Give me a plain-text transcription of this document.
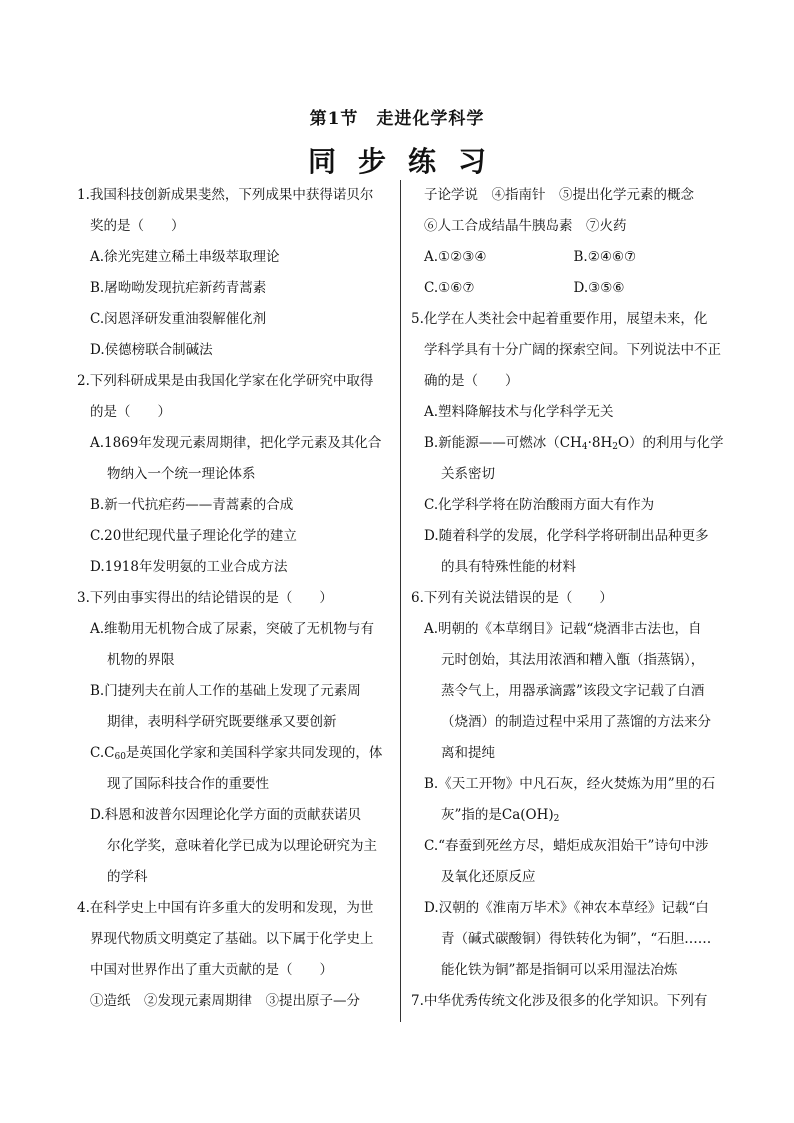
第1节 走进化学科学
同步练习
1.我国科技创新成果斐然，下列成果中获得诺贝尔
奖的是（　　）
A.徐光宪建立稀土串级萃取理论
B.屠呦呦发现抗疟新药青蒿素
C.闵恩泽研发重油裂解催化剂
D.侯德榜联合制碱法
2.下列科研成果是由我国化学家在化学研究中取得
的是（　　）
A.1869年发现元素周期律，把化学元素及其化合
物纳入一个统一理论体系
B.新一代抗疟药——青蒿素的合成
C.20世纪现代量子理论化学的建立
D.1918年发明氨的工业合成方法
3.下列由事实得出的结论错误的是（　　）
A.维勒用无机物合成了尿素，突破了无机物与有
机物的界限
B.门捷列夫在前人工作的基础上发现了元素周
期律，表明科学研究既要继承又要创新
$C.C_{60}$是英国化学家和美国科学家共同发现的，体
现了国际科技合作的重要性
D.科恩和波普尔因理论化学方面的贡献获诺贝
尔化学奖，意味着化学已成为以理论研究为主
的学科
4.在科学史上中国有许多重大的发明和发现，为世
界现代物质文明奠定了基础。以下属于化学史上
中国对世界作出了重大贡献的是（　　）
①造纸　②发现元素周期律　③提出原子—分
子论学说　④指南针　⑤提出化学元素的概念
⑥人工合成结晶牛胰岛素　⑦火药
A.①②③④	B.②④⑥⑦
C.①⑥⑦	D.③⑤⑥
5.化学在人类社会中起着重要作用，展望未来，化
学科学具有十分广阔的探索空间。下列说法中不正
确的是（　　）
A.塑料降解技术与化学科学无关
B.新能源——可燃冰$(CH_4\cdot 8H_2O)$的利用与化学
关系密切
C.化学科学将在防治酸雨方面大有作为
D.随着科学的发展，化学科学将研制出品种更多
的具有特殊性能的材料
6.下列有关说法错误的是（　　）
A.明朝的《本草纲目》记载“烧酒非古法也，自
元时创始，其法用浓酒和糟入甑（指蒸锅），
蒸令气上，用器承滴露”该段文字记载了白酒
（烧酒）的制造过程中采用了蒸馏的方法来分
离和提纯
B.《天工开物》中凡石灰，经火焚炼为用”里的石
灰”指的是$Ca(OH)_2$
C.“春蚕到死丝方尽，蜡炬成灰泪始干”诗句中涉
及氧化还原反应
D.汉朝的《淮南万毕术》《神农本草经》记载“白
青（碱式碳酸铜）得铁转化为铜”，“石胆……
能化铁为铜”都是指铜可以采用湿法冶炼
7.中华优秀传统文化涉及很多的化学知识。下列有
